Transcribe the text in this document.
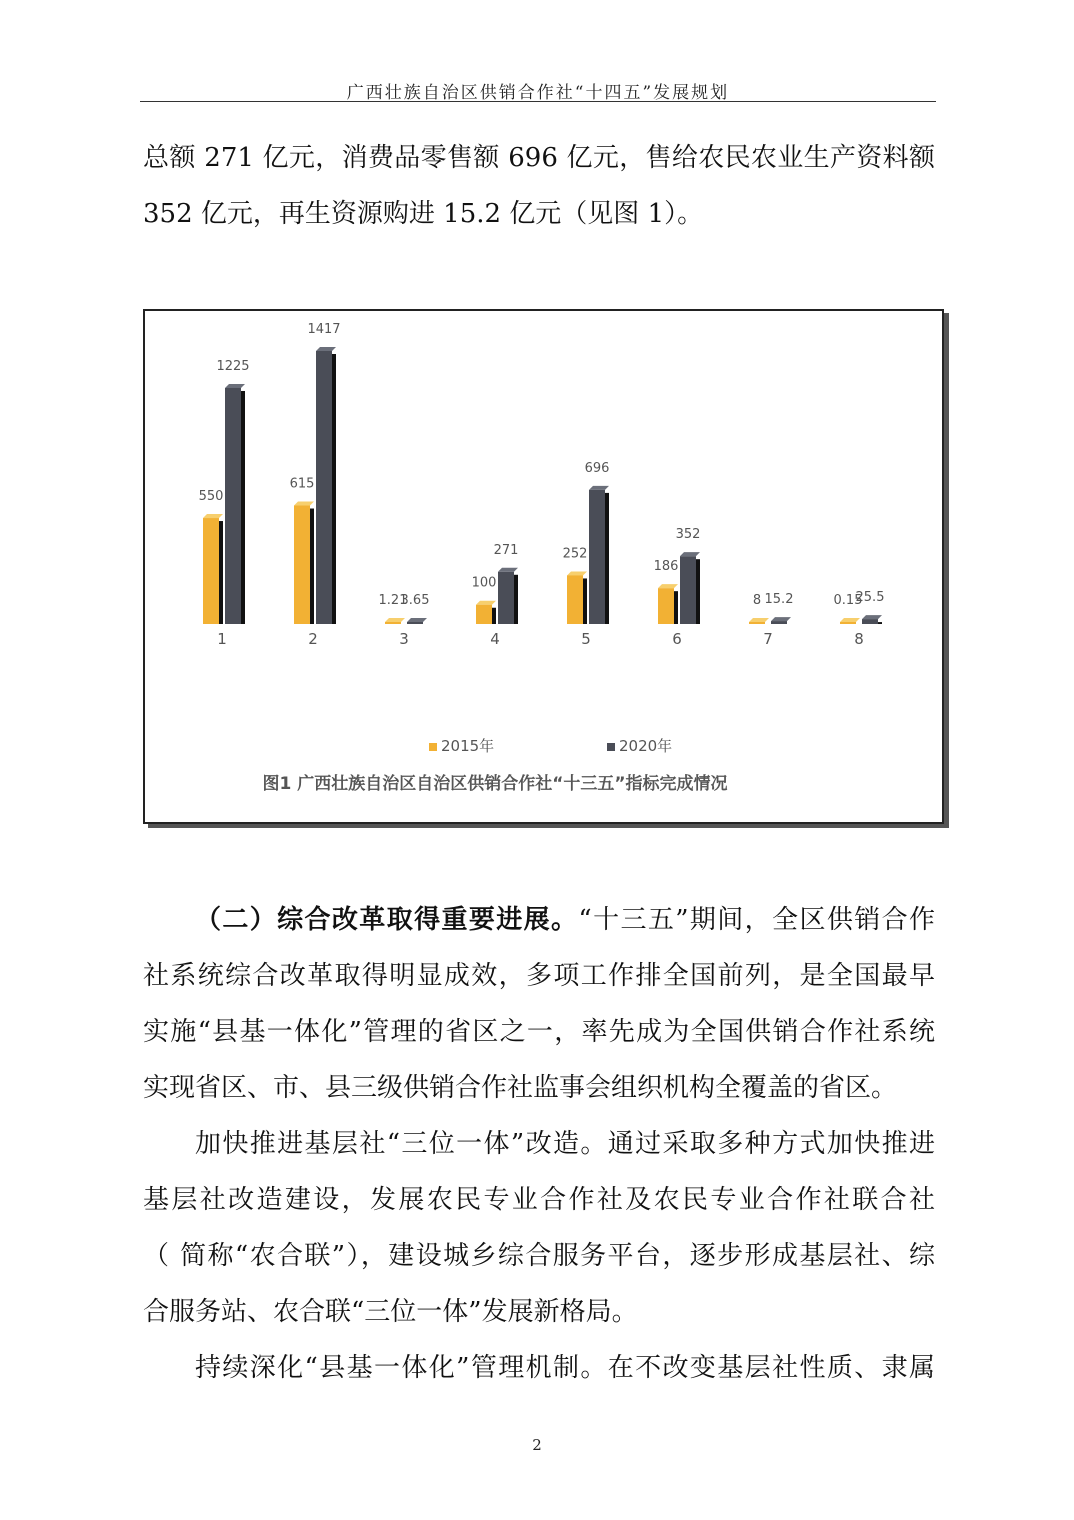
广西壮族自治区供销合作社“十四五”发展规划
总额 271 亿元，消费品零售额 696 亿元，售给农民农业生产资料额
352 亿元，再生资源购进 15.2 亿元（见图 1）。
550
1225
1
615
1417
2
1.21
3.65
3
100
271
4
252
696
5
186
352
6
8 15.2
7
0.15
25.5
8
2015年	2020年
图1 广西壮族自治区自治区供销合作社“十三五”指标完成情况
（二）综合改革取得重要进展。“十三五”期间，全区供销合作
社系统综合改革取得明显成效，多项工作排全国前列，是全国最早
实施“县基一体化”管理的省区之一，率先成为全国供销合作社系统
实现省区、市、县三级供销合作社监事会组织机构全覆盖的省区。
加快推进基层社“三位一体”改造。通过采取多种方式加快推进
基层社改造建设，发展农民专业合作社及农民专业合作社联合社
（ 简称“农合联”），建设城乡综合服务平台，逐步形成基层社、综
合服务站、农合联“三位一体”发展新格局。
持续深化“县基一体化”管理机制。在不改变基层社性质、隶属
2
